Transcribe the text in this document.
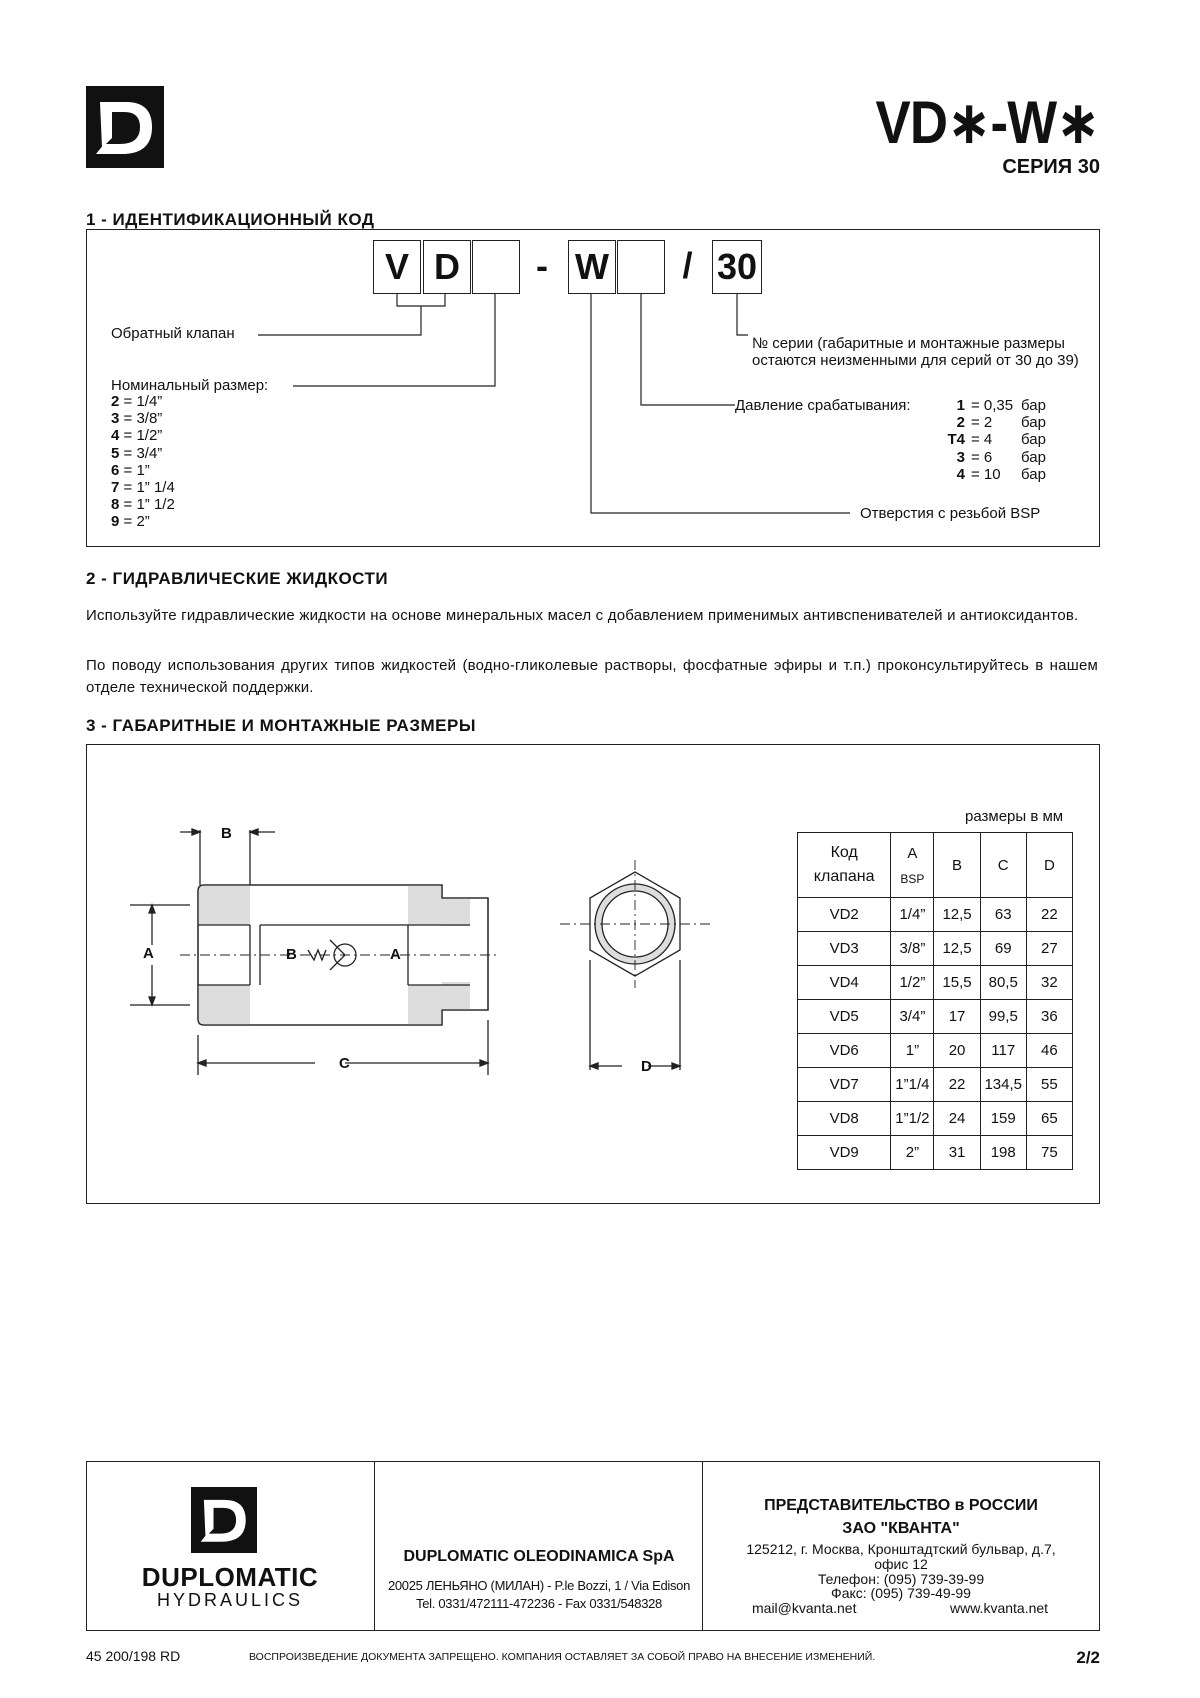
VD∗-W∗
СЕРИЯ 30
1 - ИДЕНТИФИКАЦИОННЫЙ КОД
V D	- W	/ 30
Обратный клапан
Номинальный размер:
2 = 1/4”
3 = 3/8”
4 = 1/2”
5 = 3/4”
6 = 1”
7 = 1” 1/4
8 = 1” 1/2
9 = 2”
№ серии (габаритные и монтажные размеры
остаются неизменными для серий от 30 до 39)
Давление срабатывания:	1 = 0,35 бар
2 = 2	бар
T4 = 4	бар
3 = 6	бар
4 = 10	бар
Отверстия с резьбой BSP
2 - ГИДРАВЛИЧЕСКИЕ ЖИДКОСТИ
Используйте гидравлические жидкости на основе минеральных масел с добавлением применимых антивспенивателей и антиоксидантов.
По поводу использования других типов жидкостей (водно-гликолевые растворы, фосфатные эфиры и т.п.) проконсультируйтесь в нашем отделе технической поддержки.
3 - ГАБАРИТНЫЕ И МОНТАЖНЫЕ РАЗМЕРЫ
B
A	B	A
C	D
размеры в мм
Код клапана	A
BSP	B	C	D
VD2	1/4”	12,5	63	22
VD3	3/8”	12,5	69	27
VD4	1/2”	15,5	80,5	32
VD5	3/4”	17	99,5	36
VD6	1”	20	117	46
VD7	1”1/4	22	134,5	55
VD8	1”1/2	24	159	65
VD9	2”	31	198	75
DUPLOMATIC
HYDRAULICS
DUPLOMATIC OLEODINAMICA SpA
20025 ЛЕНЬЯНО (МИЛАН) - P.le Bozzi, 1 / Via Edison
Tel. 0331/472111-472236 - Fax 0331/548328
ПРЕДСТАВИТЕЛЬСТВО в РОССИИ
ЗАО "КВАНТА"
125212, г. Москва, Кронштадтский бульвар, д.7,
офис 12
Телефон: (095) 739-39-99
Факс: (095) 739-49-99
mail@kvanta.net	www.kvanta.net
45 200/198 RD	ВОСПРОИЗВЕДЕНИЕ ДОКУМЕНТА ЗАПРЕЩЕНО. КОМПАНИЯ ОСТАВЛЯЕТ ЗА СОБОЙ ПРАВО НА ВНЕСЕНИЕ ИЗМЕНЕНИЙ.	2/2
